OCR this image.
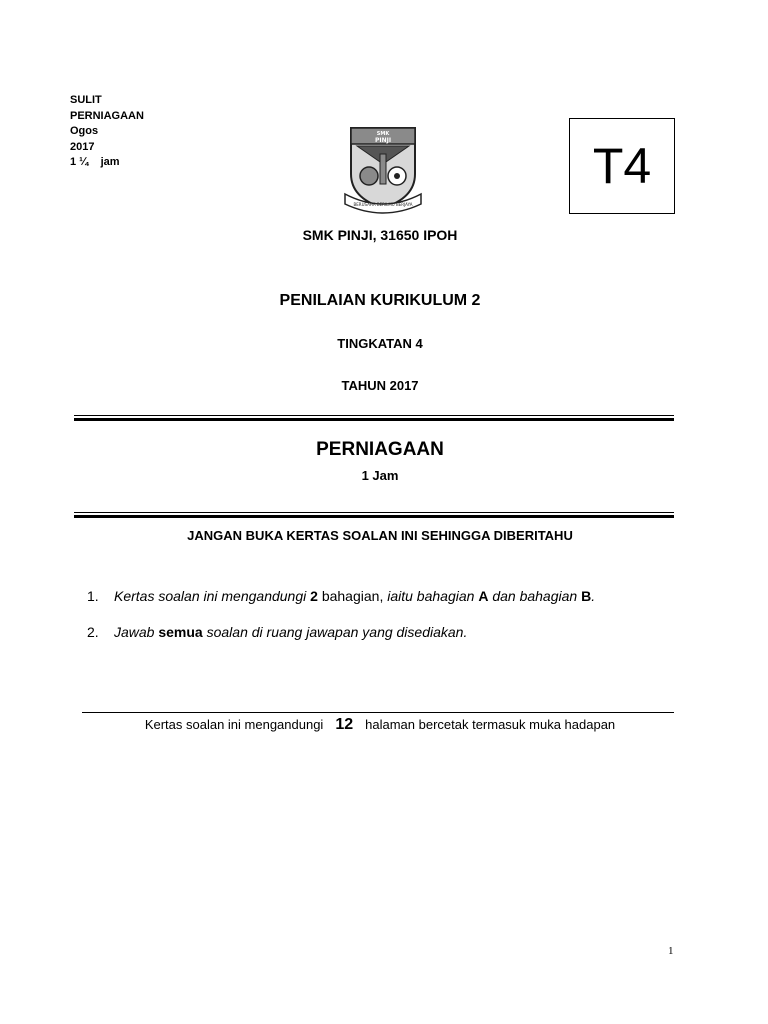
SULIT
PERNIAGAAN
Ogos
2017
1 ¼    jam
SMK
PINJI
BERUSAHA BERILMU BERJAYA
T4
SMK PINJI, 31650 IPOH
PENILAIAN KURIKULUM 2
TINGKATAN 4
TAHUN 2017
PERNIAGAAN
1 Jam
JANGAN BUKA KERTAS SOALAN INI SEHINGGA DIBERITAHU
1. Kertas soalan ini mengandungi 2 bahagian, iaitu bahagian A dan bahagian B.
2. Jawab semua soalan di ruang jawapan yang disediakan.
Kertas soalan ini mengandungi 12 halaman bercetak termasuk muka hadapan
1
